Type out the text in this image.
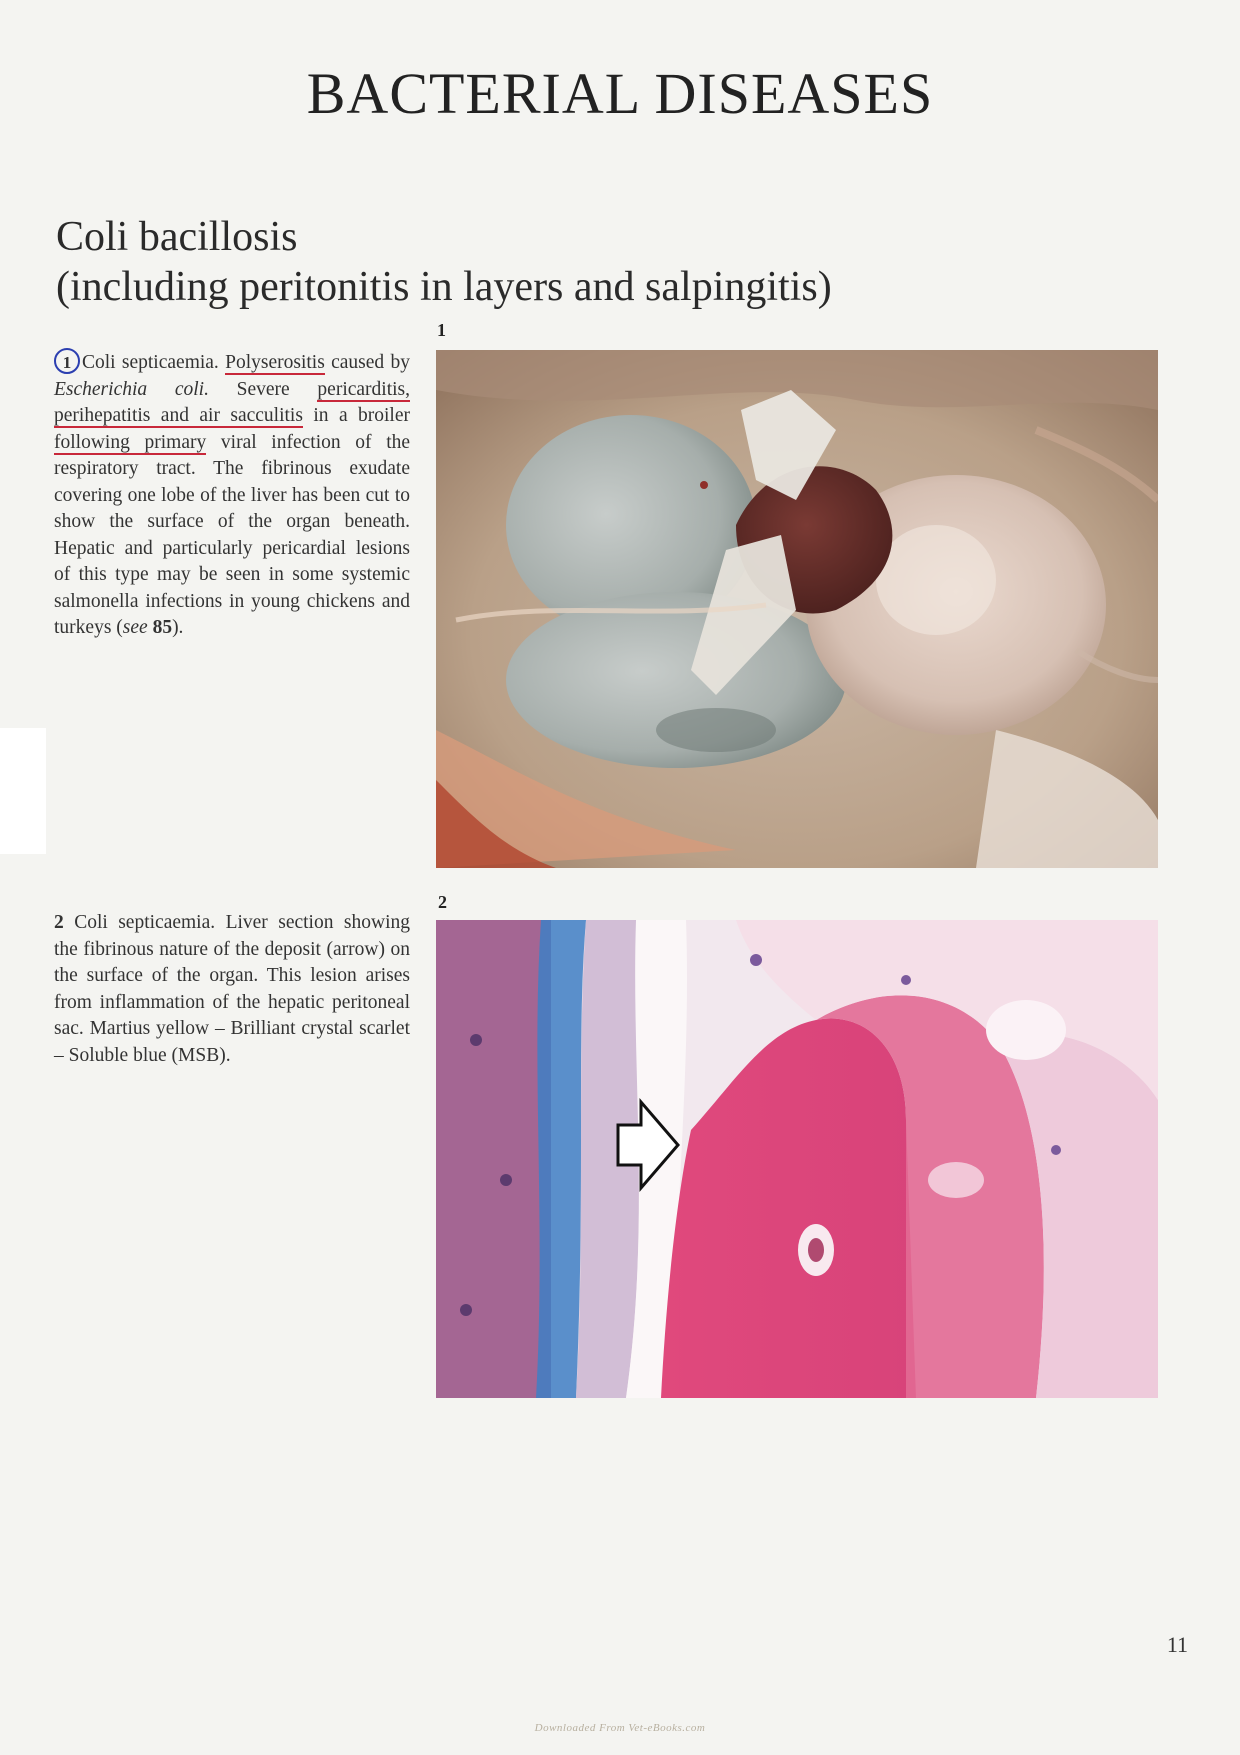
BACTERIAL DISEASES
Coli bacillosis
(including peritonitis in layers and salpingitis)
1
1 Coli septicaemia. Polyserositis caused by Escherichia coli. Severe pericarditis, perihepatitis and air sacculitis in a broiler following primary viral infection of the respiratory tract. The fibrinous exudate covering one lobe of the liver has been cut to show the surface of the organ beneath. Hepatic and particularly pericardial lesions of this type may be seen in some systemic salmonella infections in young chickens and turkeys (see 85).
2
2 Coli septicaemia. Liver section showing the fibrinous nature of the deposit (arrow) on the surface of the organ. This lesion arises from inflammation of the hepatic peritoneal sac. Martius yellow – Brilliant crystal scarlet – Soluble blue (MSB).
11
Downloaded From Vet-eBooks.com
